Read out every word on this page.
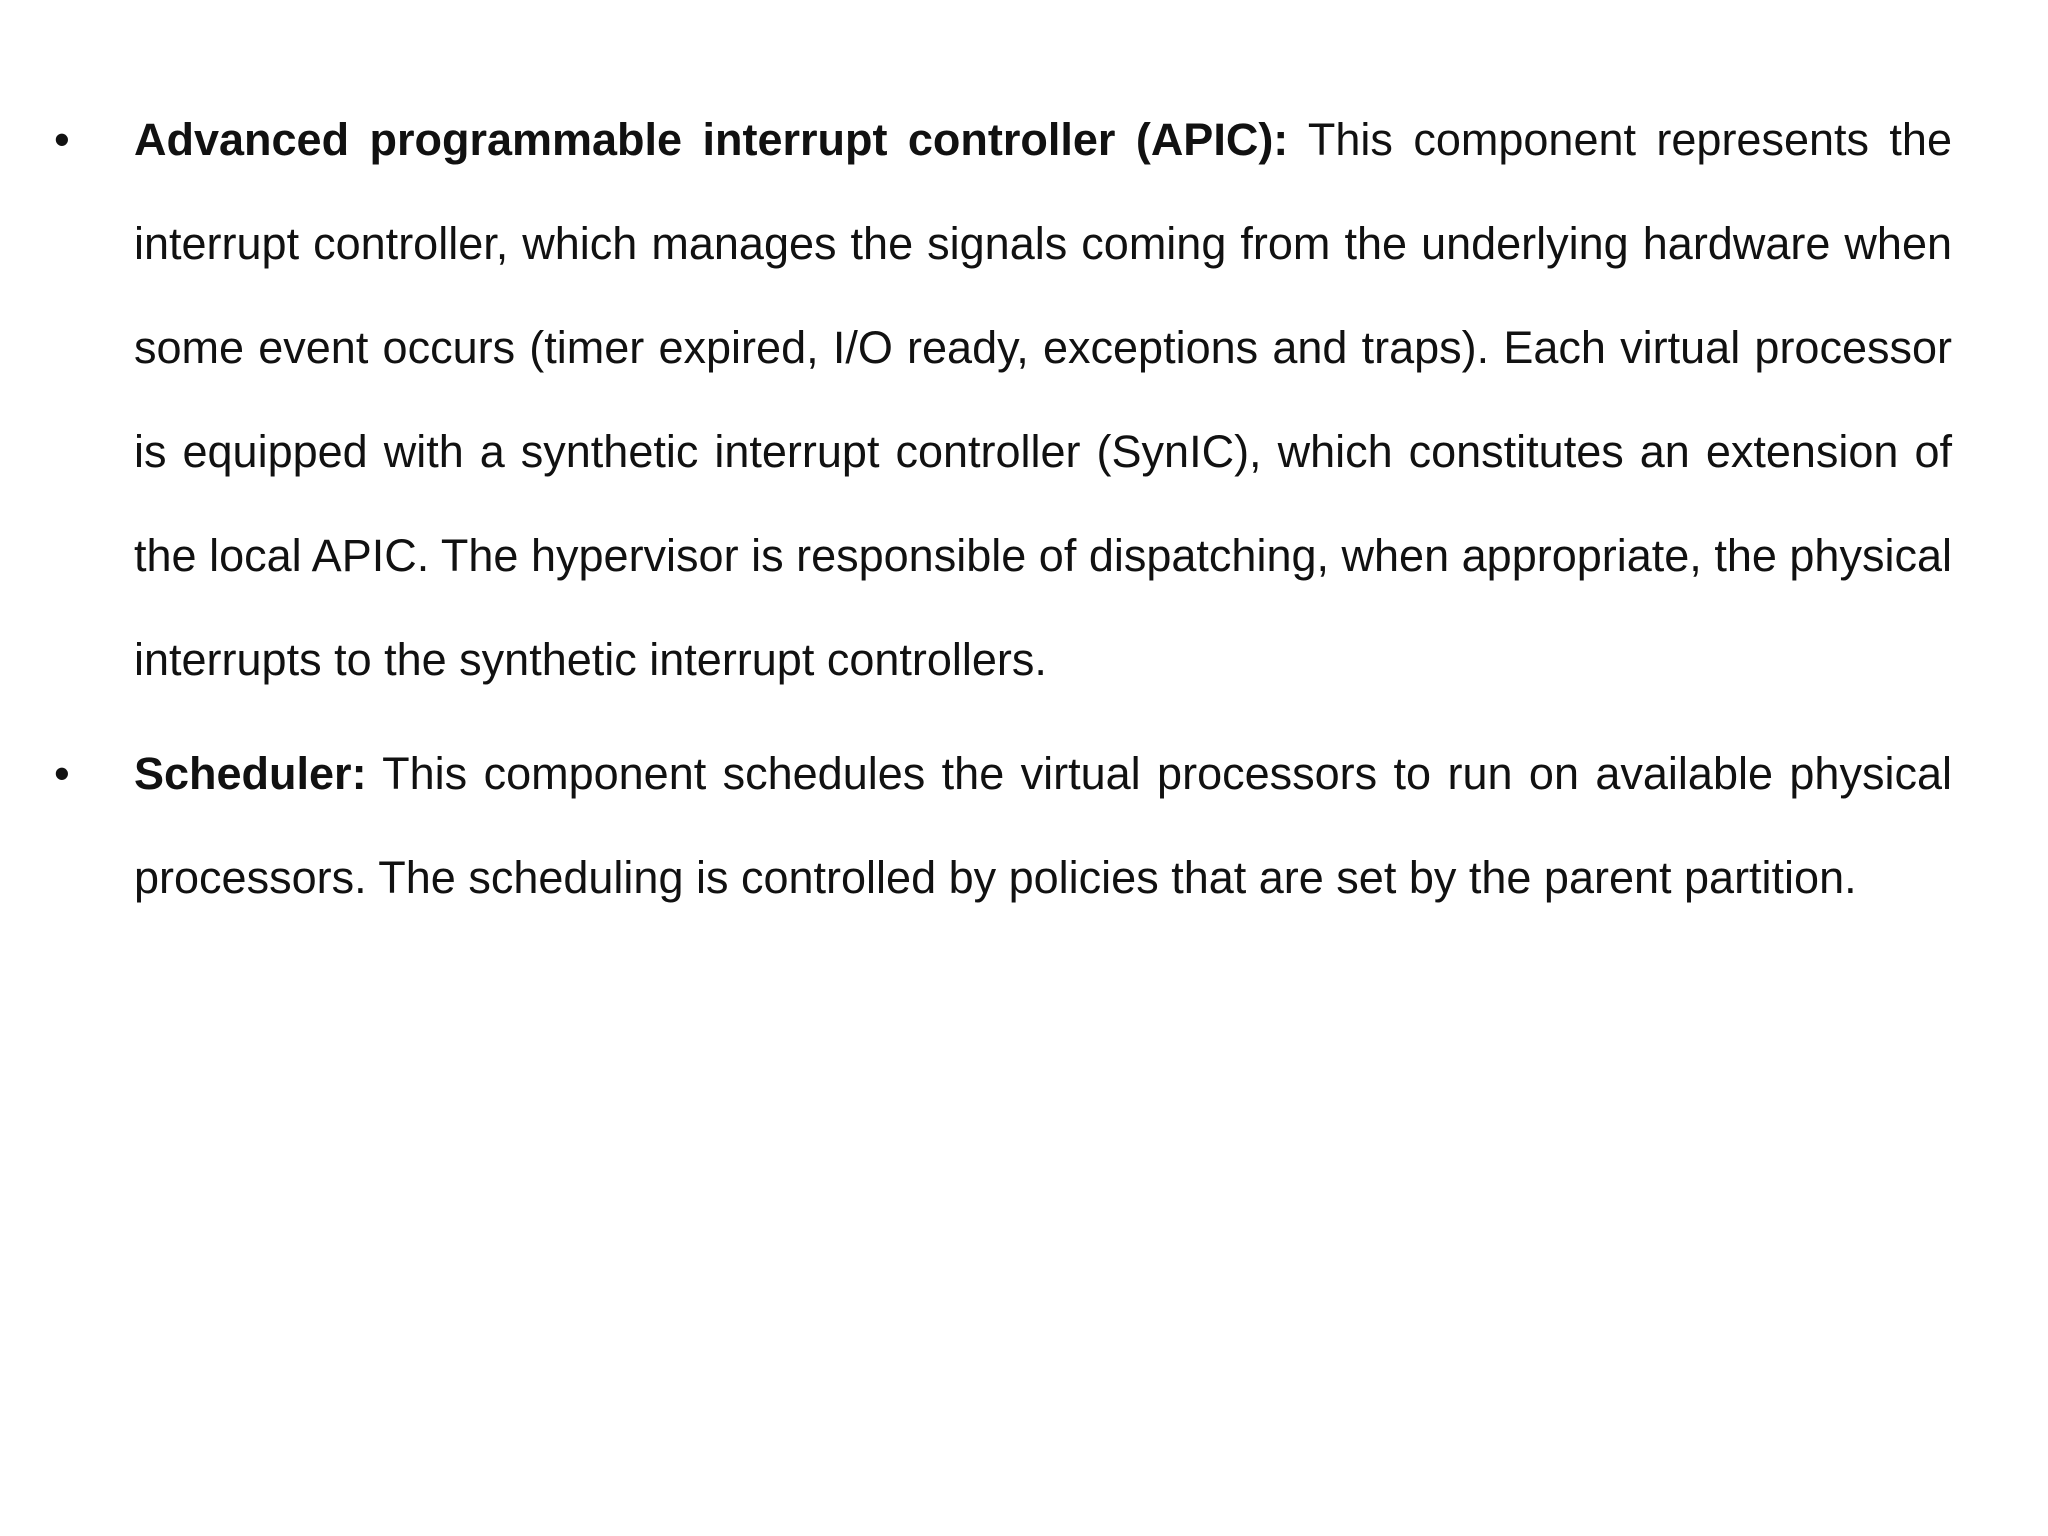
• Advanced programmable interrupt controller (APIC): This component represents the interrupt controller, which manages the signals coming from the underlying hardware when some event occurs (timer expired, I/O ready, exceptions and traps). Each virtual processor is equipped with a synthetic interrupt controller (SynIC), which constitutes an extension of the local APIC. The hypervisor is responsible of dispatching, when appropriate, the physical interrupts to the synthetic interrupt controllers.

• Scheduler: This component schedules the virtual processors to run on available physical processors. The scheduling is controlled by policies that are set by the parent partition.
